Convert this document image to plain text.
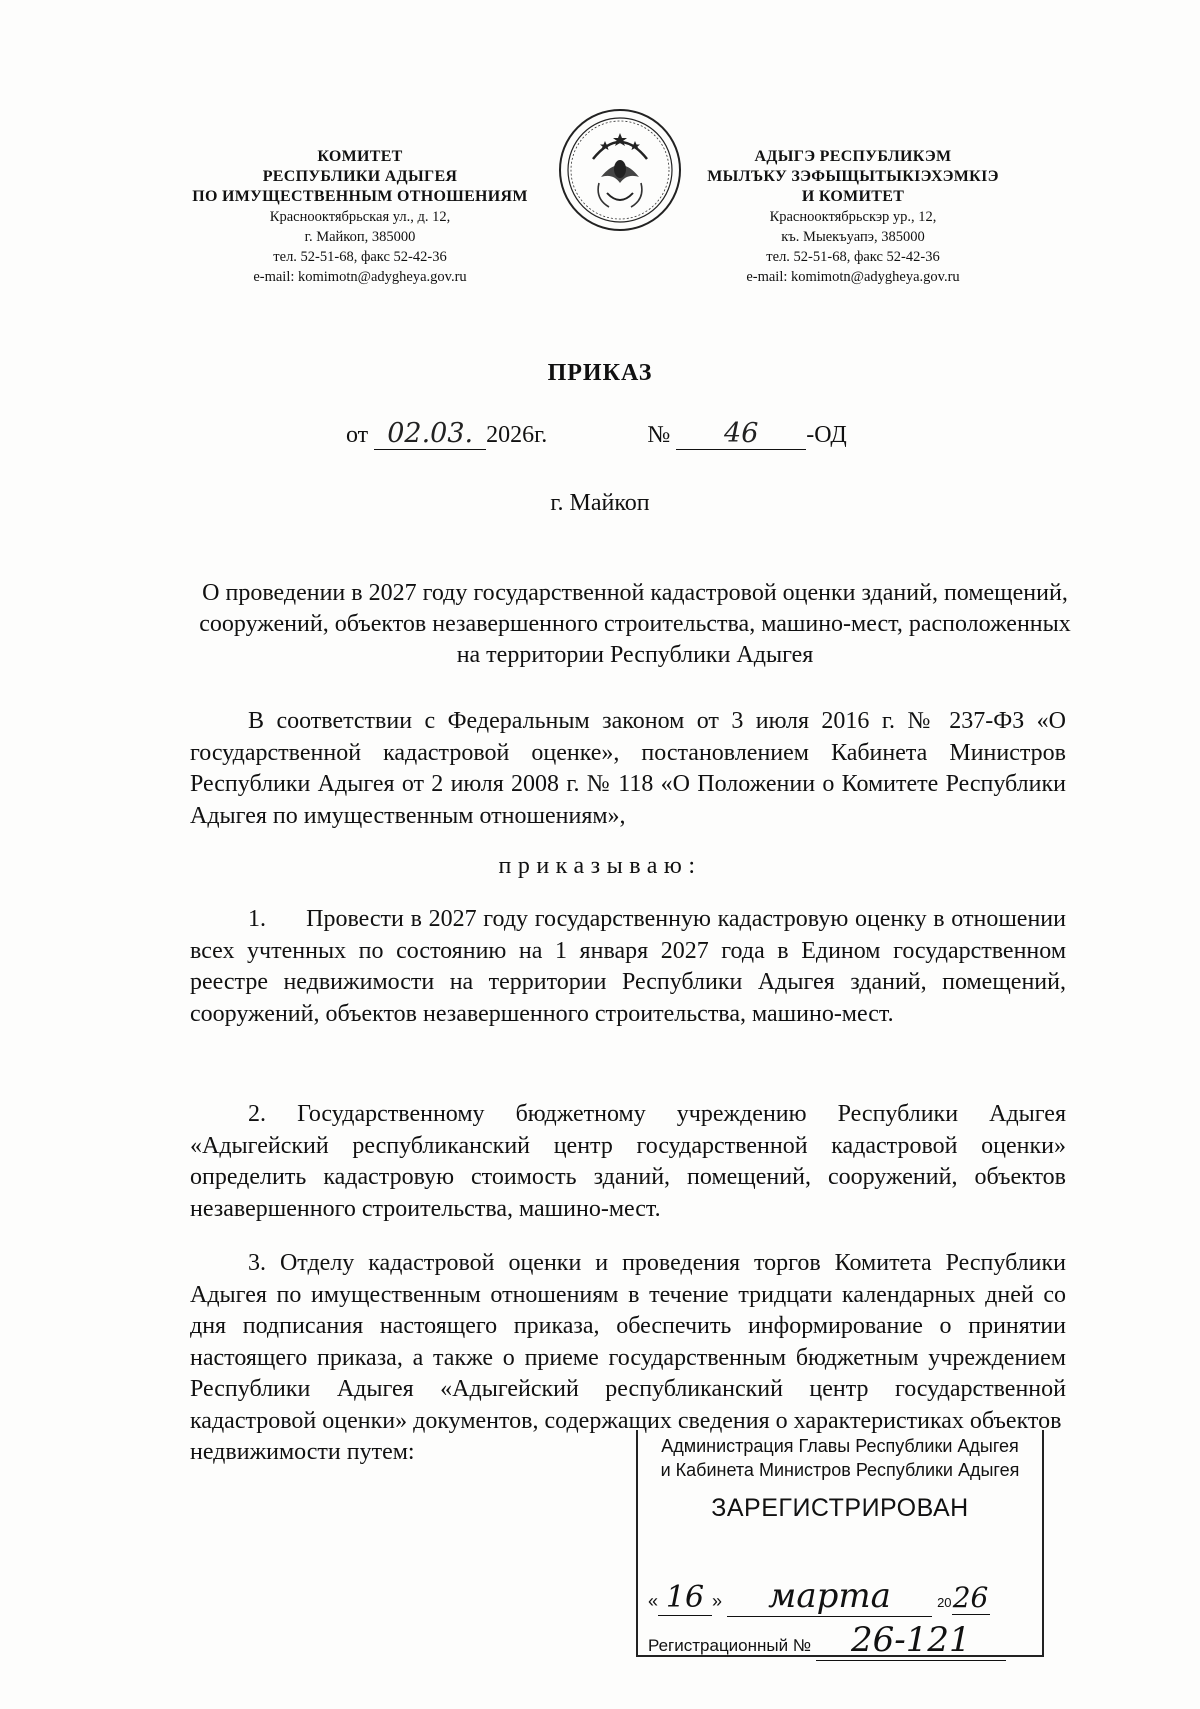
КОМИТЕТ
РЕСПУБЛИКИ АДЫГЕЯ
ПО ИМУЩЕСТВЕННЫМ ОТНОШЕНИЯМ
Краснооктябрьская ул., д. 12,
г. Майкоп, 385000
тел. 52-51-68, факс 52-42-36
e-mail: komimotn@adygheya.gov.ru
АДЫГЭ РЕСПУБЛИКЭМ
МЫЛЪКУ ЗЭФЫЩЫТЫКIЭХЭМКIЭ
И КОМИТЕТ
Краснооктябрьскэр ур., 12,
къ. Мыекъуапэ, 385000
тел. 52-51-68, факс 52-42-36
e-mail: komimotn@adygheya.gov.ru
ПРИКАЗ
от 02.03. 2026г.	№ 46 -ОД
г. Майкоп
О проведении в 2027 году государственной кадастровой оценки зданий, помещений, сооружений, объектов незавершенного строительства, машино-мест, расположенных на территории Республики Адыгея
В соответствии с Федеральным законом от 3 июля 2016 г. № 237-ФЗ «О государственной кадастровой оценке», постановлением Кабинета Министров Республики Адыгея от 2 июля 2008 г. № 118 «О Положении о Комитете Республики Адыгея по имущественным отношениям»,
приказываю:
1.      Провести в 2027 году государственную кадастровую оценку в отношении всех учтенных по состоянию на 1 января 2027 года в Едином государственном реестре недвижимости на территории Республики Адыгея зданий, помещений, сооружений, объектов незавершенного строительства, машино-мест.
2. Государственному бюджетному учреждению Республики Адыгея «Адыгейский республиканский центр государственной кадастровой оценки» определить кадастровую стоимость зданий, помещений, сооружений, объектов незавершенного строительства, машино-мест.
3. Отделу кадастровой оценки и проведения торгов Комитета Республики Адыгея по имущественным отношениям в течение тридцати календарных дней со дня подписания настоящего приказа, обеспечить информирование о принятии настоящего приказа, а также о приеме государственным бюджетным учреждением Республики Адыгея «Адыгейский республиканский центр государственной кадастровой оценки» документов, содержащих сведения о характеристиках объектов
недвижимости путем:	Администрация Главы Республики Адыгея
и Кабинета Министров Республики Адыгея
ЗАРЕГИСТРИРОВАН
« 16 » марта	2026
Регистрационный № 26-121
